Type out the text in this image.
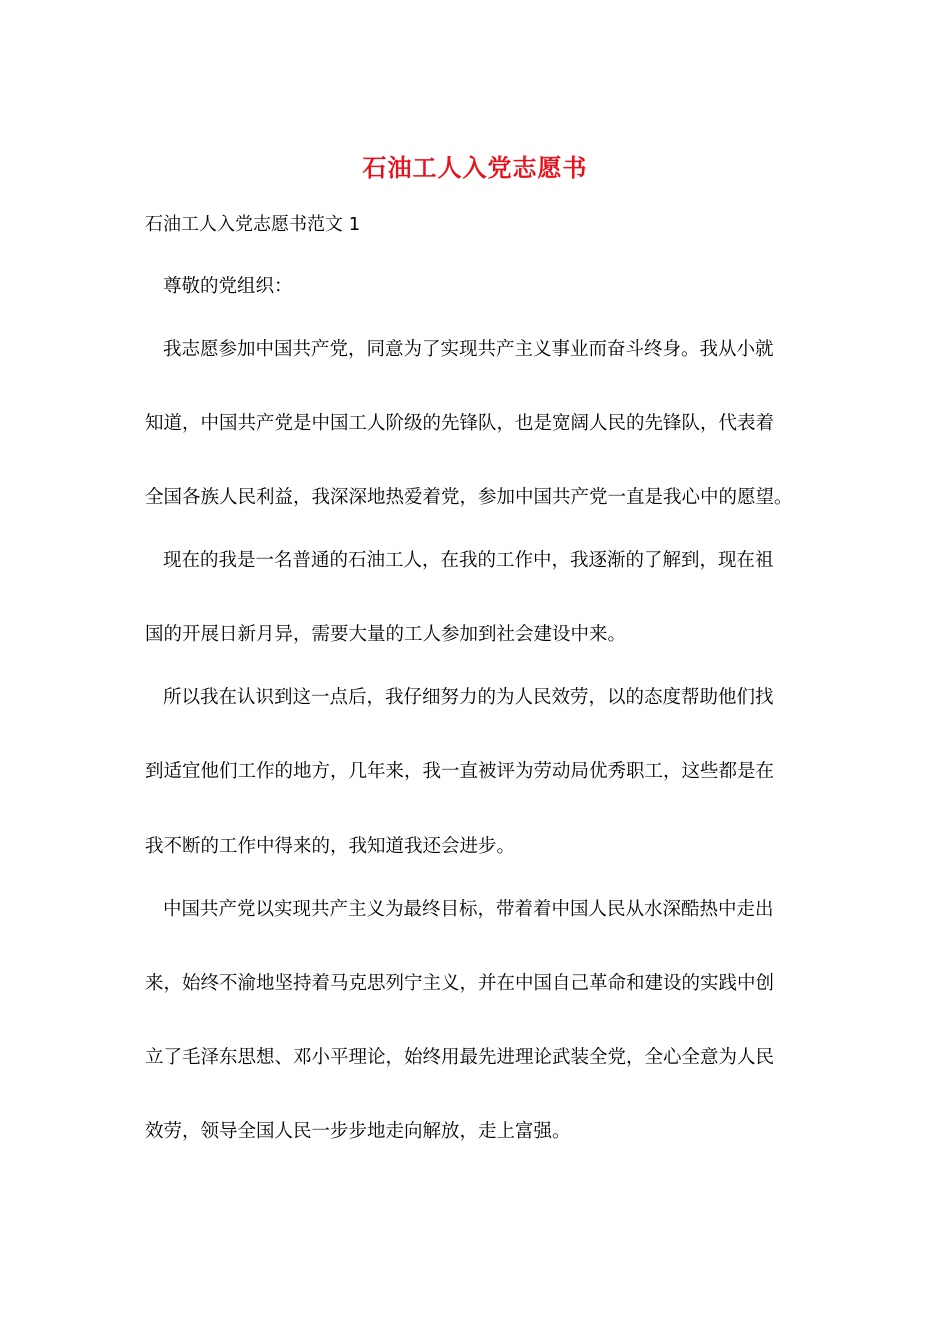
石油工人入党志愿书
石油工人入党志愿书范文 1
尊敬的党组织：
我志愿参加中国共产党，同意为了实现共产主义事业而奋斗终身。我从小就
知道，中国共产党是中国工人阶级的先锋队，也是宽阔人民的先锋队，代表着
全国各族人民利益，我深深地热爱着党，参加中国共产党一直是我心中的愿望。
现在的我是一名普通的石油工人，在我的工作中，我逐渐的了解到，现在祖
国的开展日新月异，需要大量的工人参加到社会建设中来。
所以我在认识到这一点后，我仔细努力的为人民效劳，以的态度帮助他们找
到适宜他们工作的地方，几年来，我一直被评为劳动局优秀职工，这些都是在
我不断的工作中得来的，我知道我还会进步。
中国共产党以实现共产主义为最终目标，带着着中国人民从水深酷热中走出
来，始终不渝地坚持着马克思列宁主义，并在中国自己革命和建设的实践中创
立了毛泽东思想、邓小平理论，始终用最先进理论武装全党，全心全意为人民
效劳，领导全国人民一步步地走向解放，走上富强。
